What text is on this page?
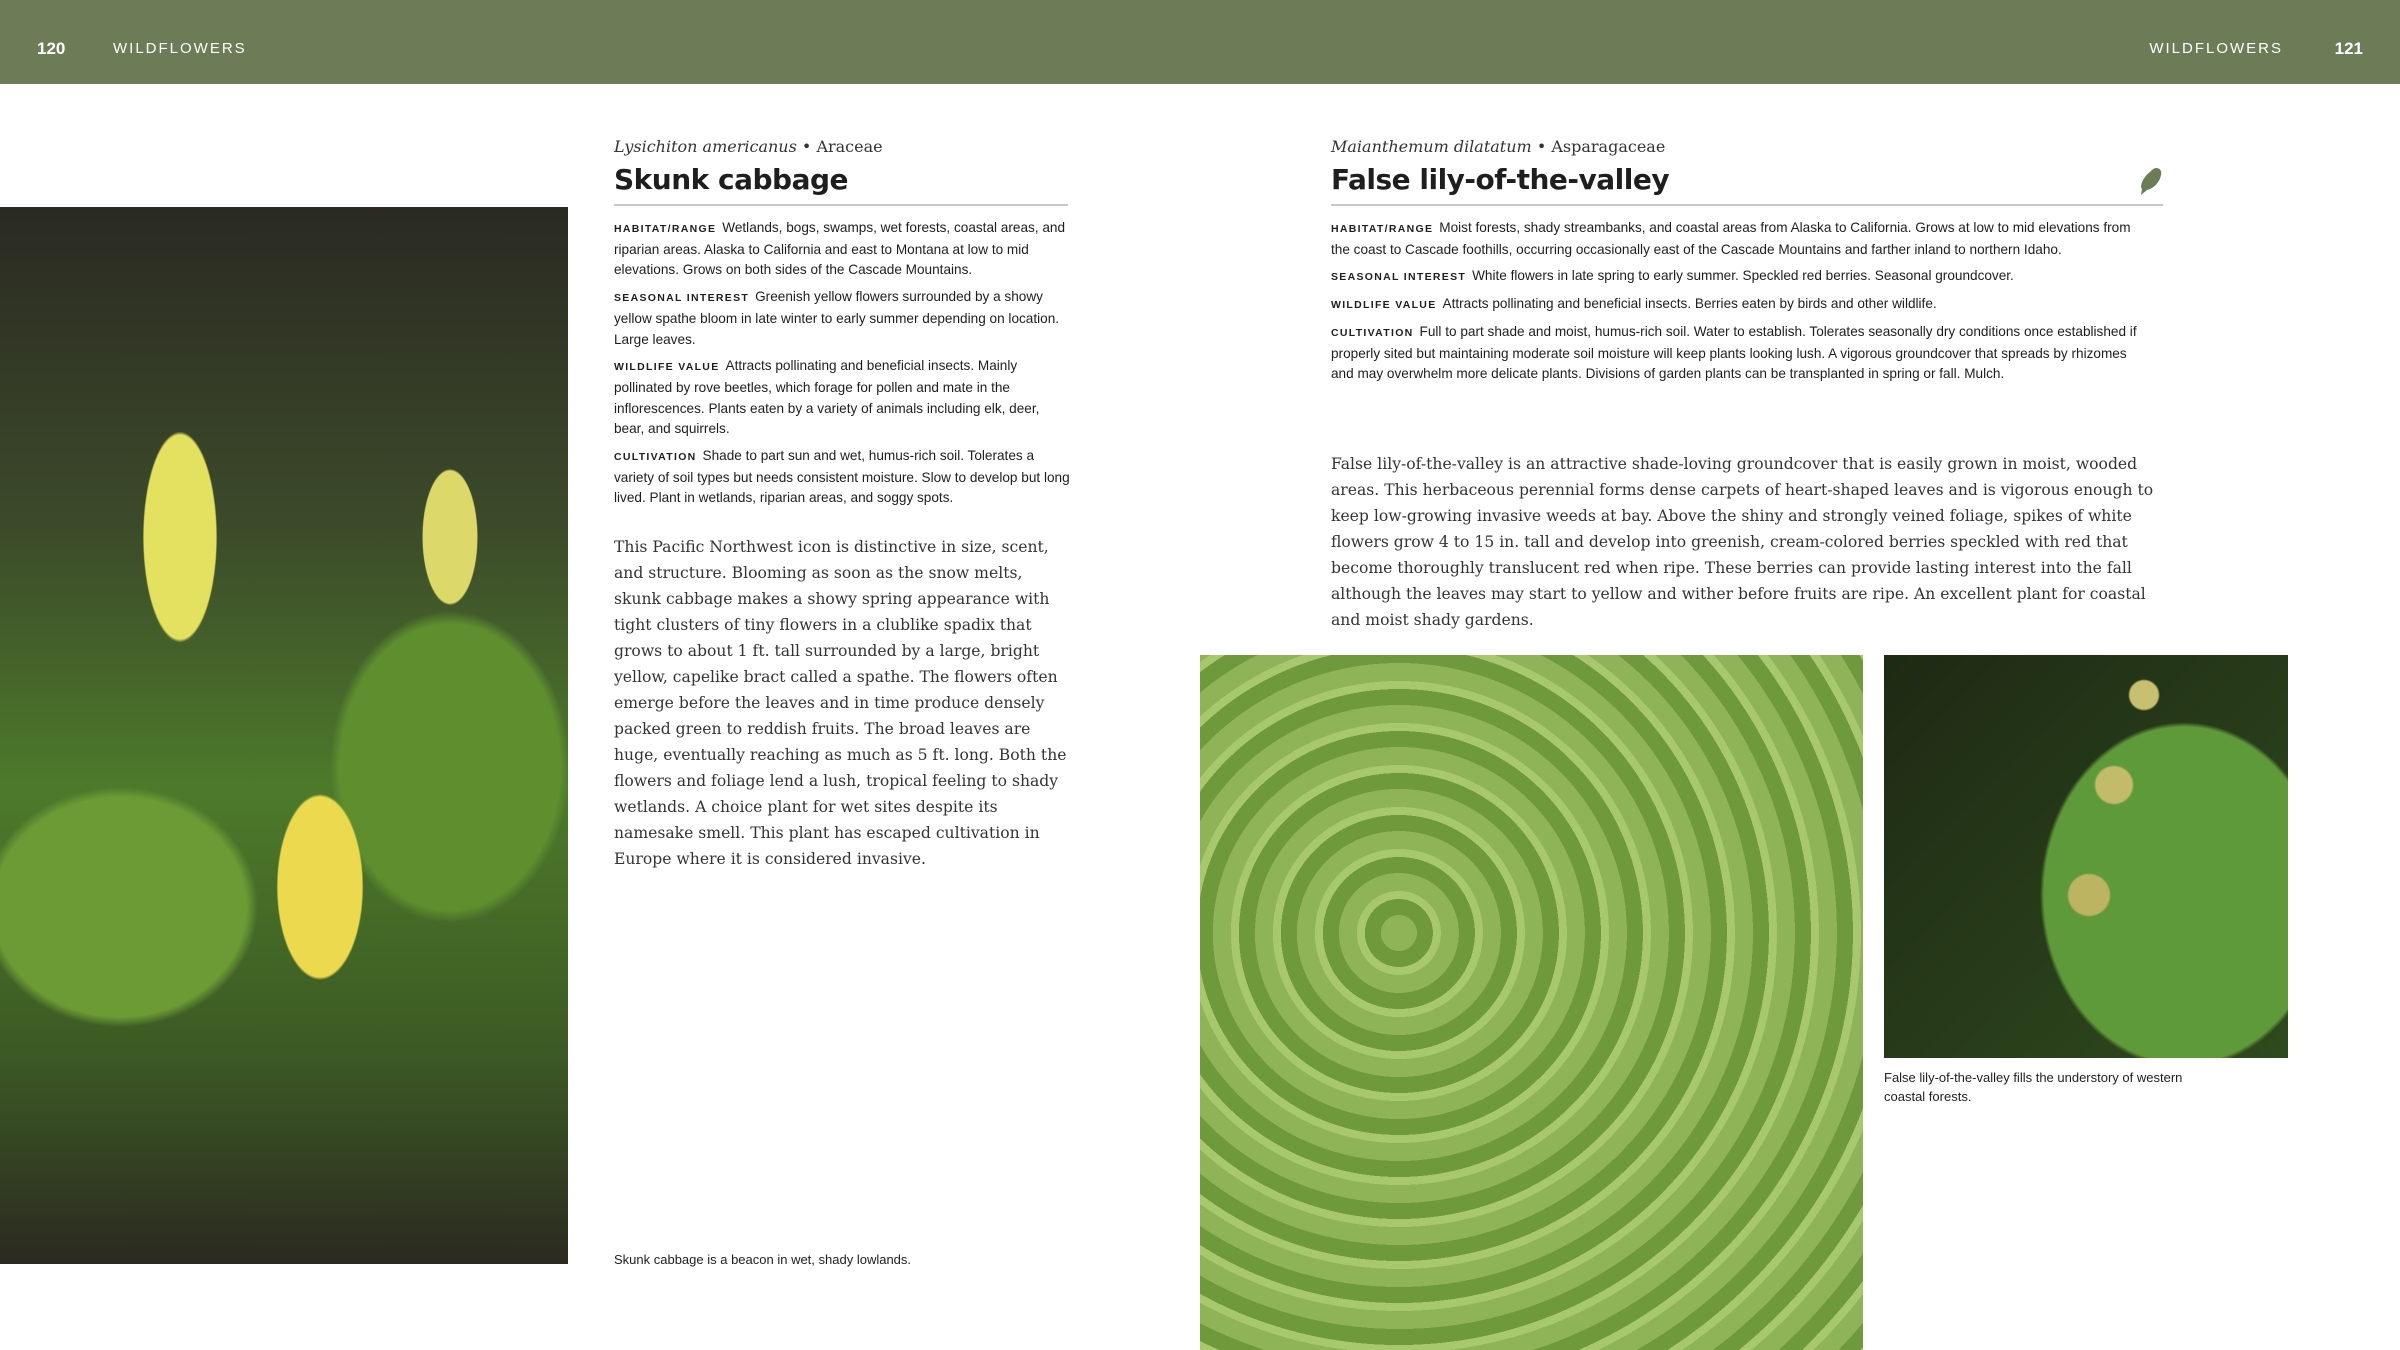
120	WILDFLOWERS	WILDFLOWERS	121
Lysichiton americanus • Araceae
Skunk cabbage

HABITAT/RANGE Wetlands, bogs, swamps, wet forests, coastal areas, and riparian areas. Alaska to California and east to Montana at low to mid elevations. Grows on both sides of the Cascade Mountains.

SEASONAL INTEREST Greenish yellow flowers surrounded by a showy yellow spathe bloom in late winter to early summer depending on location. Large leaves.

WILDLIFE VALUE Attracts pollinating and beneficial insects. Mainly pollinated by rove beetles, which forage for pollen and mate in the inflorescences. Plants eaten by a variety of animals including elk, deer, bear, and squirrels.

CULTIVATION Shade to part sun and wet, humus-rich soil. Tolerates a variety of soil types but needs consistent moisture. Slow to develop but long lived. Plant in wetlands, riparian areas, and soggy spots.

This Pacific Northwest icon is distinctive in size, scent, and structure. Blooming as soon as the snow melts, skunk cabbage makes a showy spring appearance with tight clusters of tiny flowers in a clublike spadix that grows to about 1 ft. tall surrounded by a large, bright yellow, capelike bract called a spathe. The flowers often emerge before the leaves and in time produce densely packed green to reddish fruits. The broad leaves are huge, eventually reaching as much as 5 ft. long. Both the flowers and foliage lend a lush, tropical feeling to shady wetlands. A choice plant for wet sites despite its namesake smell. This plant has escaped cultivation in Europe where it is considered invasive.
Skunk cabbage is a beacon in wet, shady lowlands.
Maianthemum dilatatum • Asparagaceae
False lily-of-the-valley

HABITAT/RANGE Moist forests, shady streambanks, and coastal areas from Alaska to California. Grows at low to mid elevations from the coast to Cascade foothills, occurring occasionally east of the Cascade Mountains and farther inland to northern Idaho.

SEASONAL INTEREST White flowers in late spring to early summer. Speckled red berries. Seasonal groundcover.

WILDLIFE VALUE Attracts pollinating and beneficial insects. Berries eaten by birds and other wildlife.

CULTIVATION Full to part shade and moist, humus-rich soil. Water to establish. Tolerates seasonally dry conditions once established if properly sited but maintaining moderate soil moisture will keep plants looking lush. A vigorous groundcover that spreads by rhizomes and may overwhelm more delicate plants. Divisions of garden plants can be transplanted in spring or fall. Mulch.

False lily-of-the-valley is an attractive shade-loving groundcover that is easily grown in moist, wooded areas. This herbaceous perennial forms dense carpets of heart-shaped leaves and is vigorous enough to keep low-growing invasive weeds at bay. Above the shiny and strongly veined foliage, spikes of white flowers grow 4 to 15 in. tall and develop into greenish, cream-colored berries speckled with red that become thoroughly translucent red when ripe. These berries can provide lasting interest into the fall although the leaves may start to yellow and wither before fruits are ripe. An excellent plant for coastal and moist shady gardens.
False lily-of-the-valley fills the understory of western coastal forests.
